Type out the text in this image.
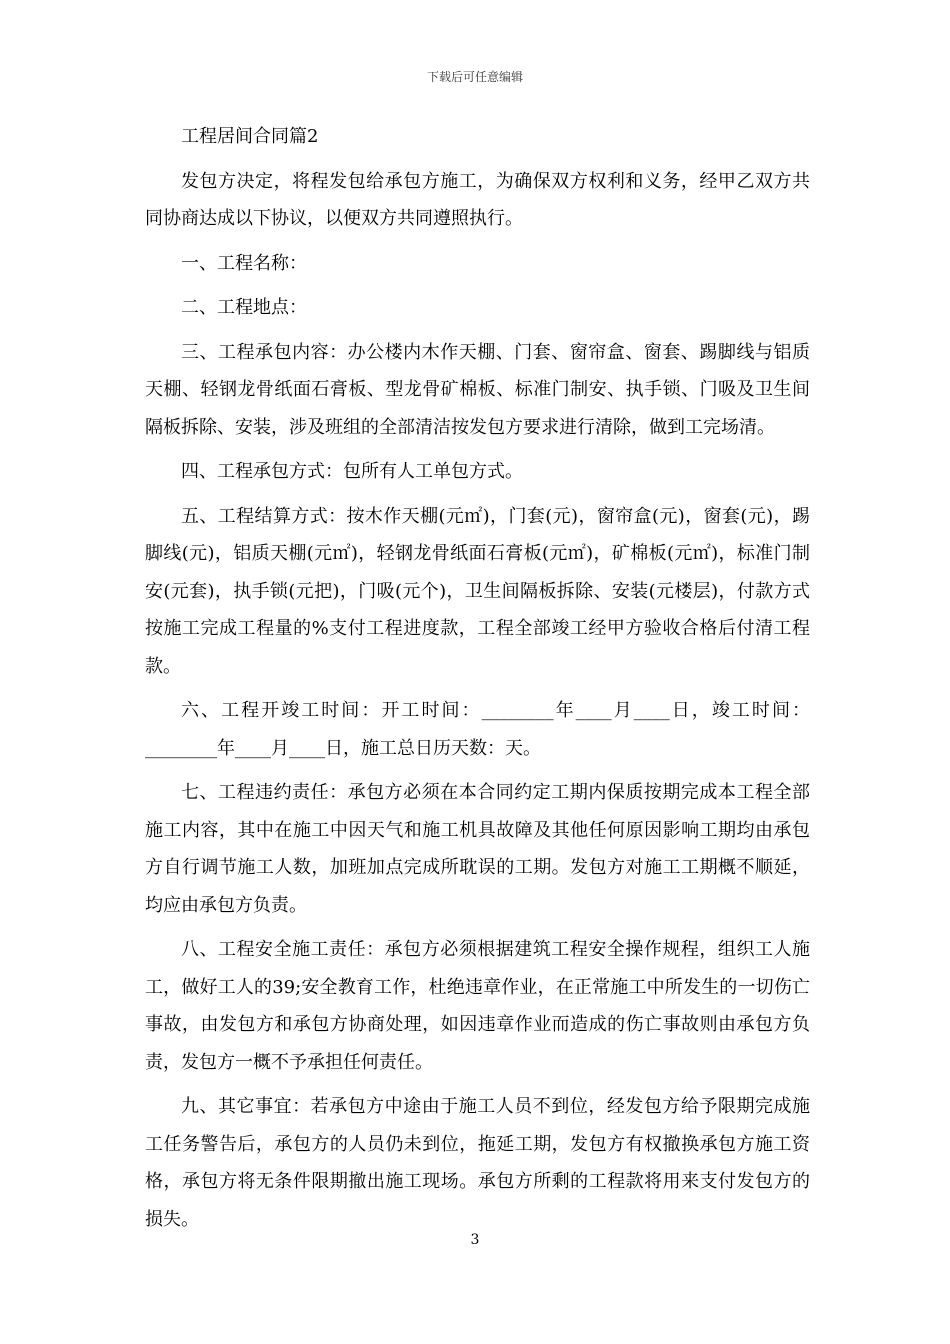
下载后可任意编辑

工程居间合同篇2

发包方决定，将程发包给承包方施工，为确保双方权利和义务，经甲乙双方共同协商达成以下协议，以便双方共同遵照执行。

一、工程名称：

二、工程地点：

三、工程承包内容：办公楼内木作天棚、门套、窗帘盒、窗套、踢脚线与铝质天棚、轻钢龙骨纸面石膏板、型龙骨矿棉板、标准门制安、执手锁、门吸及卫生间隔板拆除、安装，涉及班组的全部清洁按发包方要求进行清除，做到工完场清。

四、工程承包方式：包所有人工单包方式。

五、工程结算方式：按木作天棚(元㎡)，门套(元)，窗帘盒(元)，窗套(元)，踢脚线(元)，铝质天棚(元㎡)，轻钢龙骨纸面石膏板(元㎡)，矿棉板(元㎡)，标准门制安(元套)，执手锁(元把)，门吸(元个)，卫生间隔板拆除、安装(元楼层)，付款方式按施工完成工程量的%支付工程进度款，工程全部竣工经甲方验收合格后付清工程款。

六、工程开竣工时间：开工时间：________年____月____日，竣工时间：________年____月____日，施工总日历天数：天。

七、工程违约责任：承包方必须在本合同约定工期内保质按期完成本工程全部施工内容，其中在施工中因天气和施工机具故障及其他任何原因影响工期均由承包方自行调节施工人数，加班加点完成所耽误的工期。发包方对施工工期概不顺延，均应由承包方负责。

八、工程安全施工责任：承包方必须根据建筑工程安全操作规程，组织工人施工，做好工人的39;安全教育工作，杜绝违章作业，在正常施工中所发生的一切伤亡事故，由发包方和承包方协商处理，如因违章作业而造成的伤亡事故则由承包方负责，发包方一概不予承担任何责任。

九、其它事宜：若承包方中途由于施工人员不到位，经发包方给予限期完成施工任务警告后，承包方的人员仍未到位，拖延工期，发包方有权撤换承包方施工资格，承包方将无条件限期撤出施工现场。承包方所剩的工程款将用来支付发包方的损失。

3
